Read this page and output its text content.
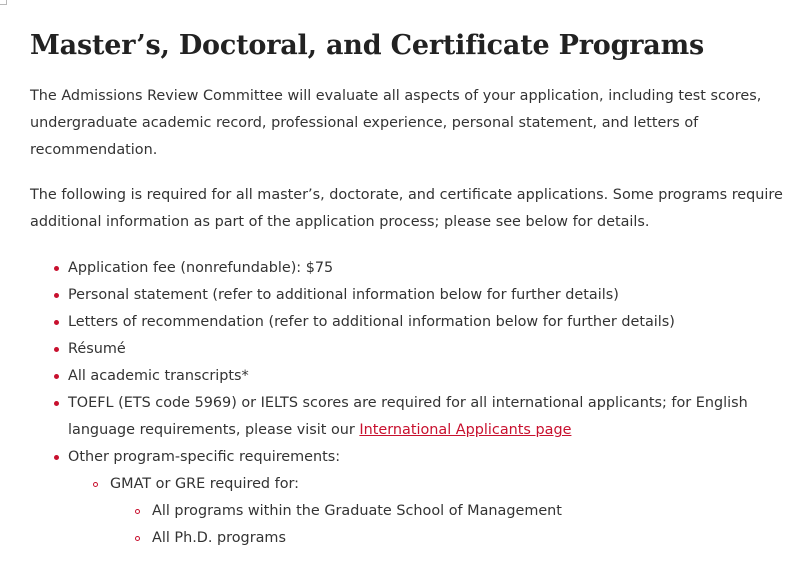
Master’s, Doctoral, and Certificate Programs

The Admissions Review Committee will evaluate all aspects of your application, including test scores, undergraduate academic record, professional experience, personal statement, and letters of recommendation.

The following is required for all master’s, doctorate, and certificate applications. Some programs require additional information as part of the application process; please see below for details.

Application fee (nonrefundable): $75
Personal statement (refer to additional information below for further details)
Letters of recommendation (refer to additional information below for further details)
Résumé
All academic transcripts*
TOEFL (ETS code 5969) or IELTS scores are required for all international applicants; for English language requirements, please visit our International Applicants page
Other program-specific requirements:
GMAT or GRE required for:
All programs within the Graduate School of Management
All Ph.D. programs
